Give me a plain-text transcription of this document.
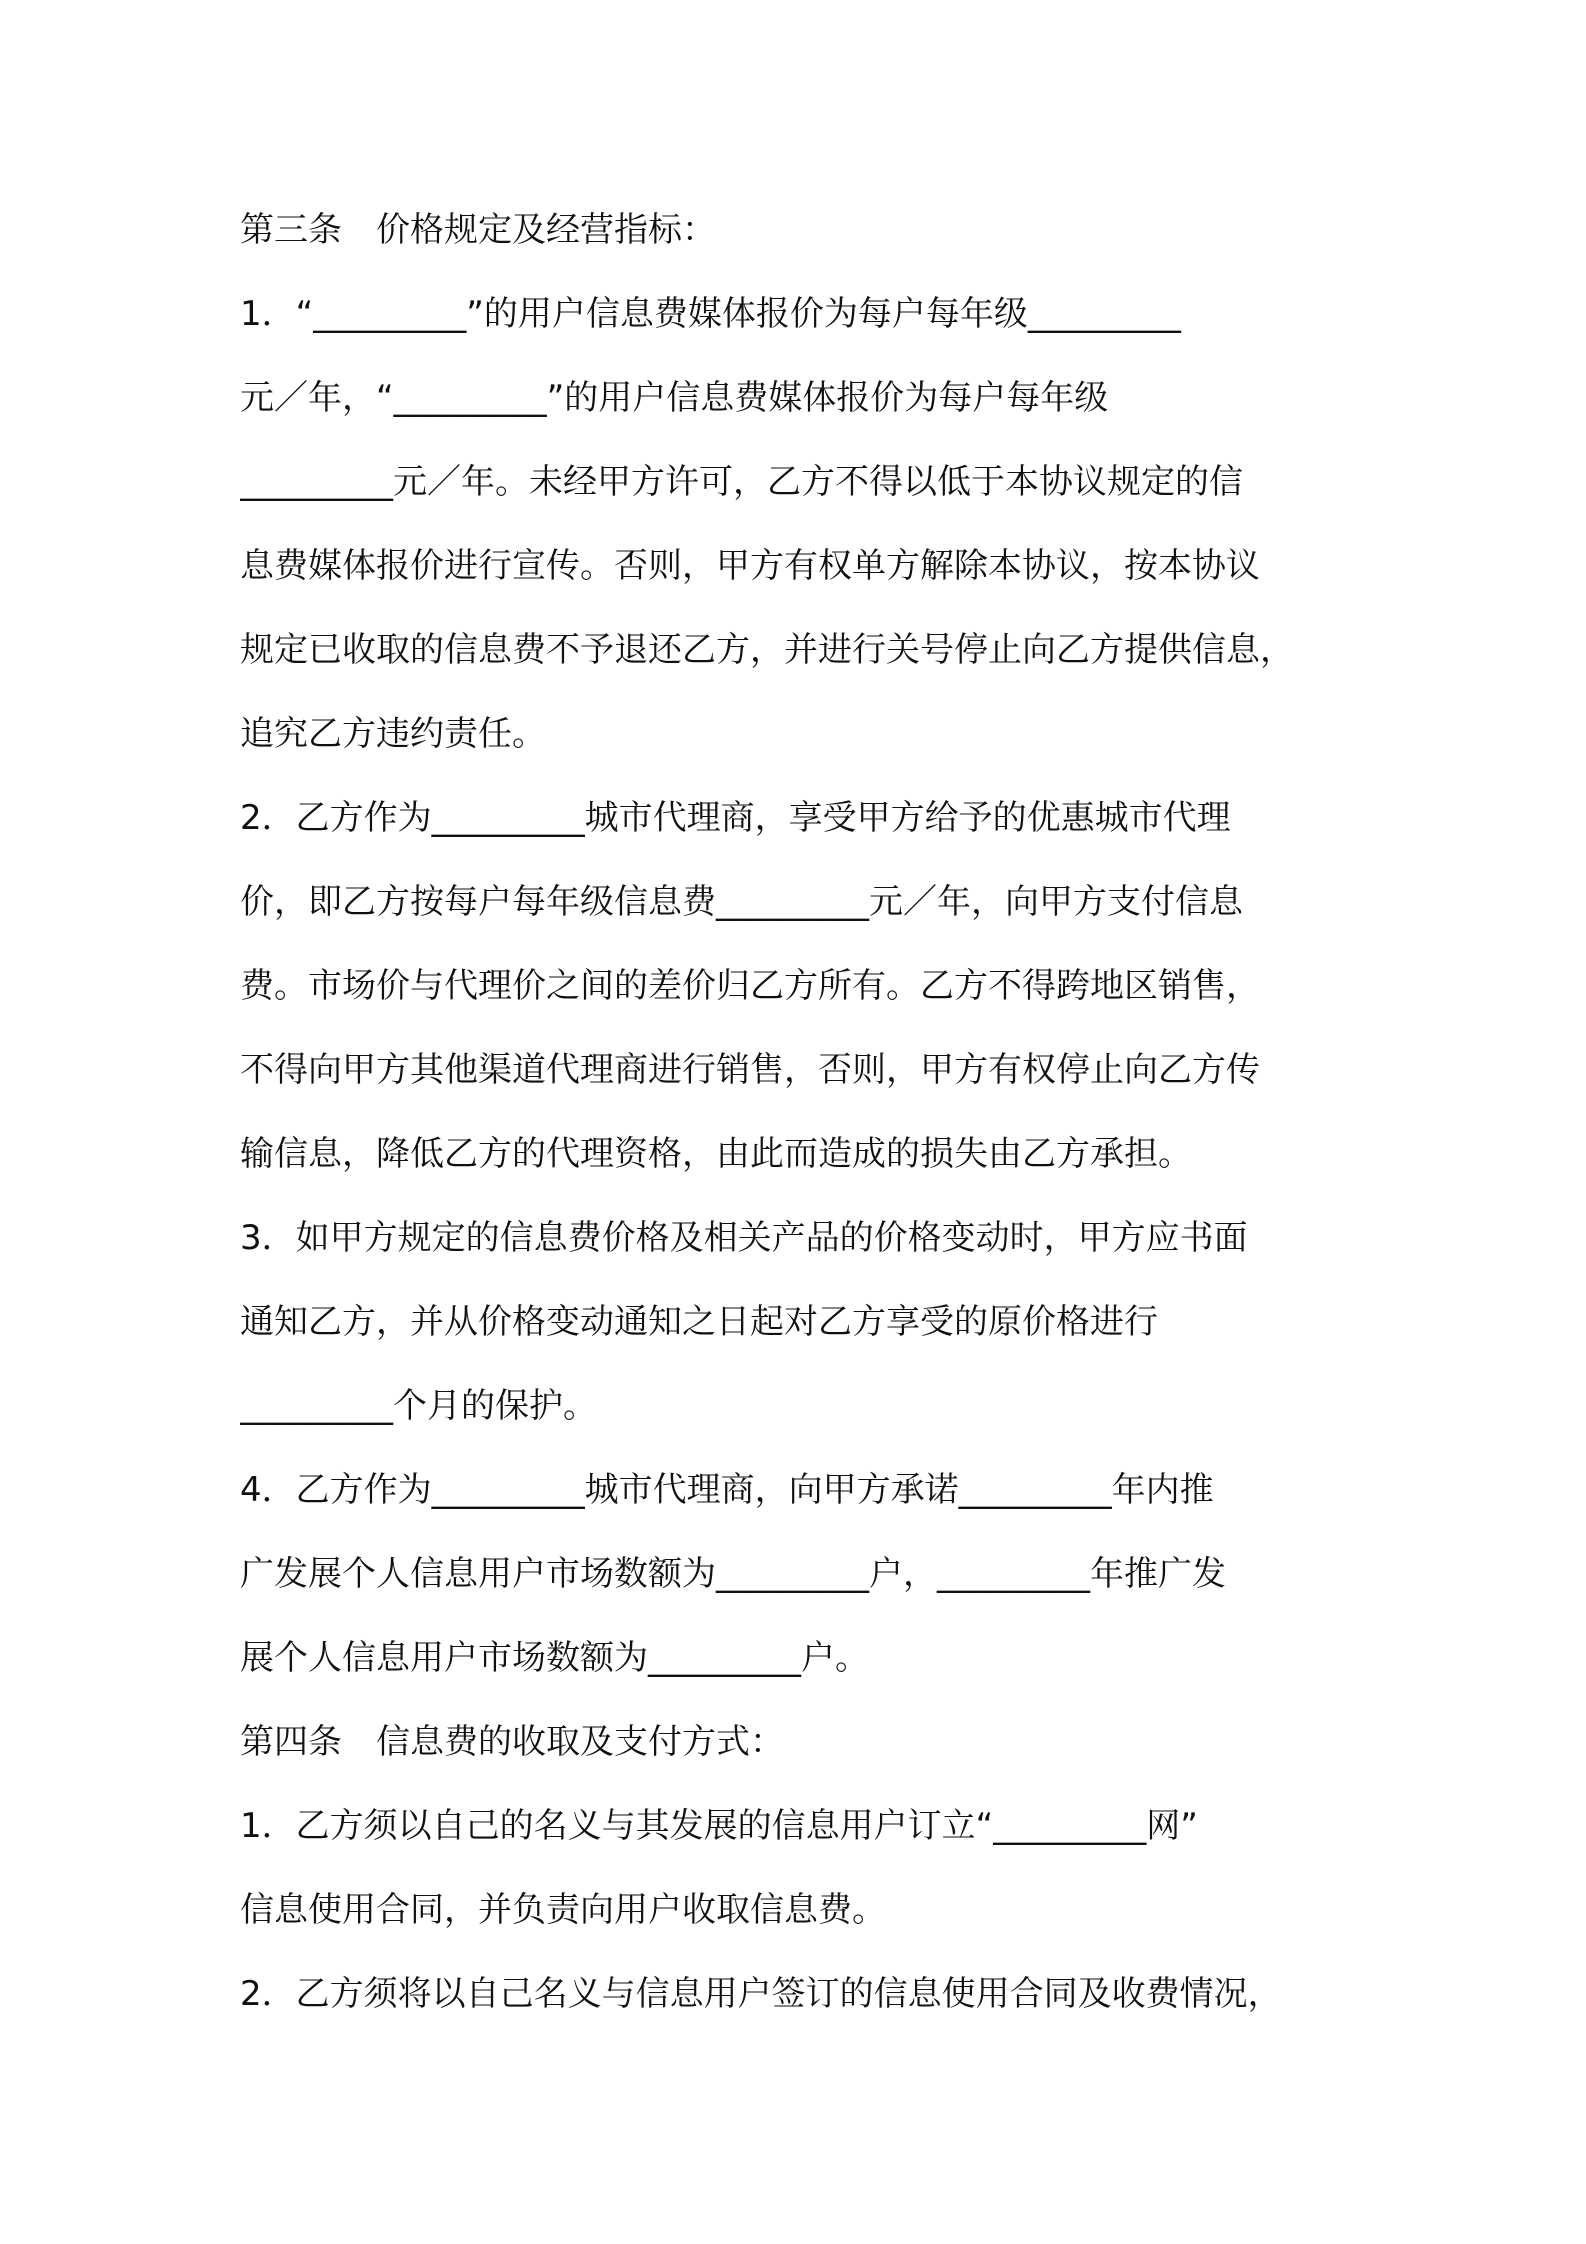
第三条　价格规定及经营指标：
1．“_________”的用户信息费媒体报价为每户每年级_________
元／年，“_________”的用户信息费媒体报价为每户每年级
_________元／年。未经甲方许可，乙方不得以低于本协议规定的信
息费媒体报价进行宣传。否则，甲方有权单方解除本协议，按本协议
规定已收取的信息费不予退还乙方，并进行关号停止向乙方提供信息，
追究乙方违约责任。
2．乙方作为_________城市代理商，享受甲方给予的优惠城市代理
价，即乙方按每户每年级信息费_________元／年，向甲方支付信息
费。市场价与代理价之间的差价归乙方所有。乙方不得跨地区销售，
不得向甲方其他渠道代理商进行销售，否则，甲方有权停止向乙方传
输信息，降低乙方的代理资格，由此而造成的损失由乙方承担。
3．如甲方规定的信息费价格及相关产品的价格变动时，甲方应书面
通知乙方，并从价格变动通知之日起对乙方享受的原价格进行
_________个月的保护。
4．乙方作为_________城市代理商，向甲方承诺_________年内推
广发展个人信息用户市场数额为_________户，_________年推广发
展个人信息用户市场数额为_________户。
第四条　信息费的收取及支付方式：
1．乙方须以自己的名义与其发展的信息用户订立“_________网”
信息使用合同，并负责向用户收取信息费。
2．乙方须将以自己名义与信息用户签订的信息使用合同及收费情况，
